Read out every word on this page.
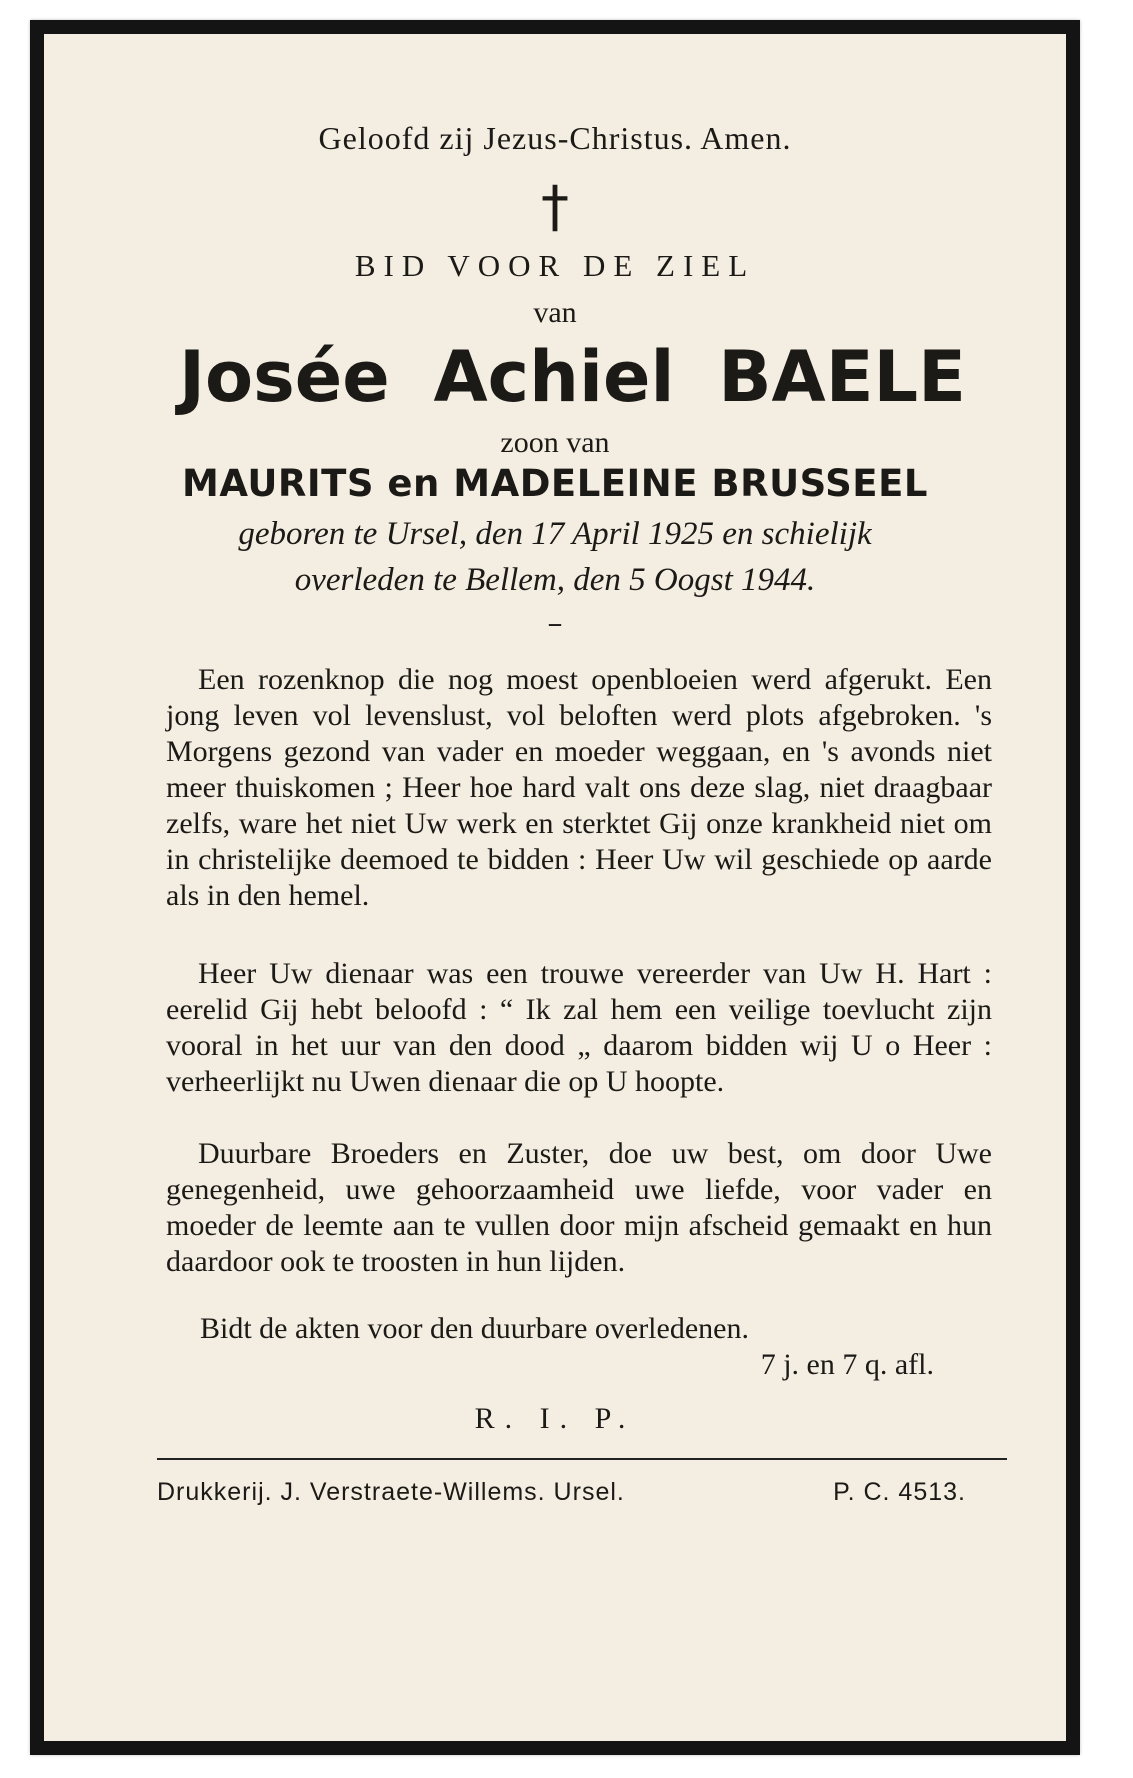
Geloofd zij Jezus-Christus. Amen.
†
BID VOOR DE ZIEL
van
Josée Achiel BAELE
zoon van
MAURITS en MADELEINE BRUSSEEL
geboren te Ursel, den 17 April 1925 en schielijk
overleden te Bellem, den 5 Oogst 1944.
–

Een rozenknop die nog moest openbloeien werd afgerukt. Een jong leven vol levenslust, vol beloften werd plots afgebroken. 's Morgens gezond van vader en moeder weggaan, en 's avonds niet meer thuiskomen ; Heer hoe hard valt ons deze slag, niet draagbaar zelfs, ware het niet Uw werk en sterktet Gij onze krankheid niet om in christelijke deemoed te bidden : Heer Uw wil geschiede op aarde als in den hemel.

Heer Uw dienaar was een trouwe vereerder van Uw H. Hart : eerelid Gij hebt beloofd : “ Ik zal hem een veilige toevlucht zijn vooral in het uur van den dood „ daarom bidden wij U o Heer : verheerlijkt nu Uwen dienaar die op U hoopte.

Duurbare Broeders en Zuster, doe uw best, om door Uwe genegenheid, uwe gehoorzaamheid uwe liefde, voor vader en moeder de leemte aan te vullen door mijn afscheid gemaakt en hun daardoor ook te troosten in hun lijden.

Bidt de akten voor den duurbare overledenen.
7 j. en 7 q. afl.
R. I. P.
Drukkerij. J. Verstraete-Willems. Ursel.	P. C. 4513.
